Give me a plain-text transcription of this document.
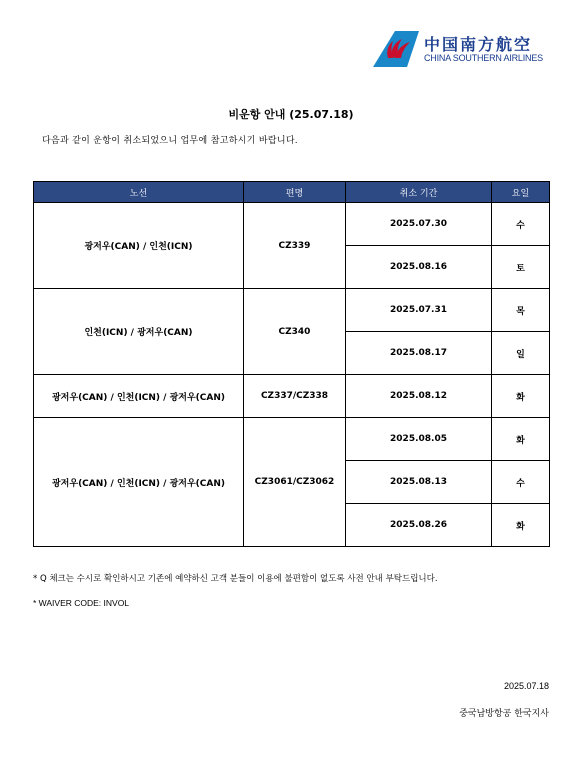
中国南方航空
CHINA SOUTHERN AIRLINES
비운항 안내 (25.07.18)
다음과 같이 운항이 취소되었으니 업무에 참고하시기 바랍니다.
노선	편명	취소 기간	요일
광저우(CAN) / 인천(ICN)	CZ339	2025.07.30	수
		2025.08.16	토
인천(ICN) / 광저우(CAN)	CZ340	2025.07.31	목
		2025.08.17	일
광저우(CAN) / 인천(ICN) / 광저우(CAN)	CZ337/CZ338	2025.08.12	화
광저우(CAN) / 인천(ICN) / 광저우(CAN)	CZ3061/CZ3062	2025.08.05	화
		2025.08.13	수
		2025.08.26	화
* Q 체크는 수시로 확인하시고 기존에 예약하신 고객 분들이 이용에 불편함이 없도록 사전 안내 부탁드립니다.
* WAIVER CODE: INVOL
2025.07.18
중국남방항공 한국지사
